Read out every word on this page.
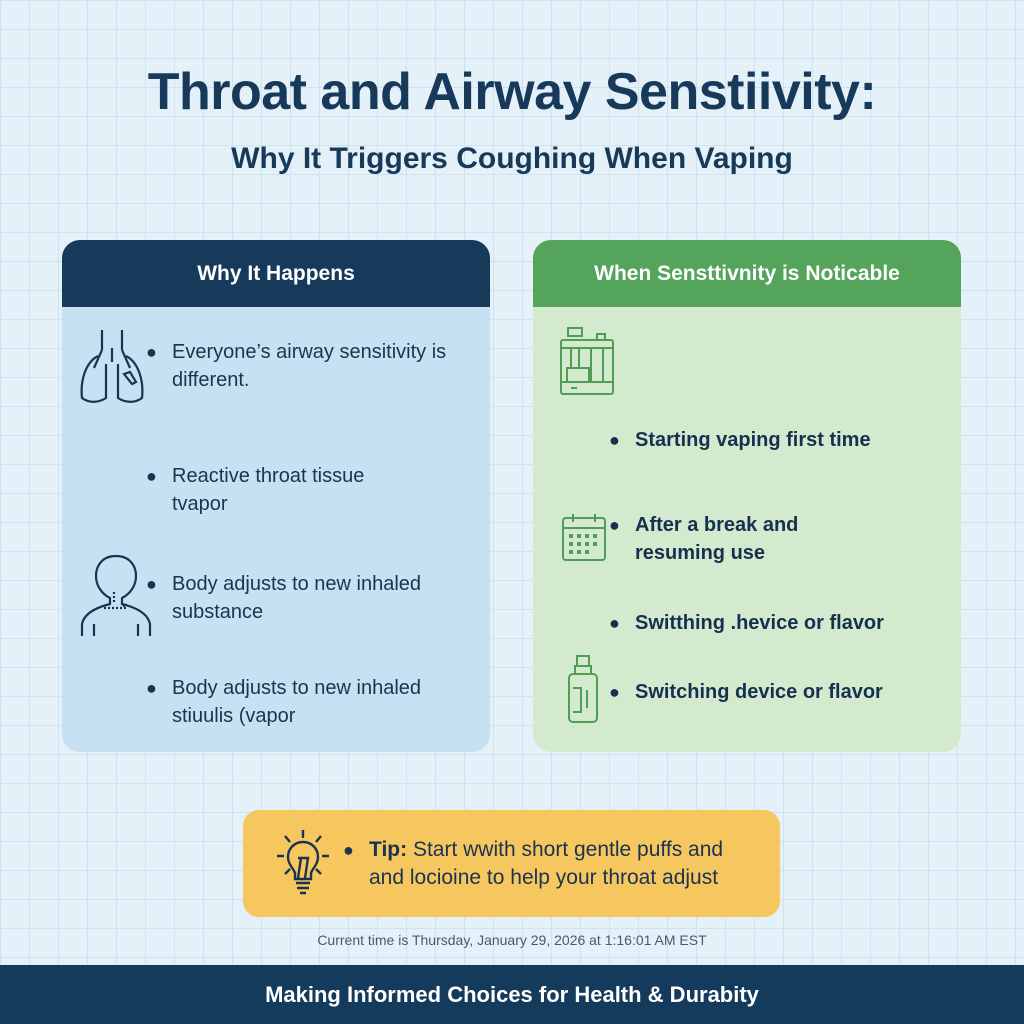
Throat and Airway Senstiivity:
Why It Triggers Coughing When Vaping
Why It Happens
● Everyone’s airway sensitivity is different.
● Reactive throat tissue tvapor
● Body adjusts to new inhaled substance
● Body adjusts to new inhaled stiuulis (vapor
When Sensttivnity is Noticable
● Starting vaping first time
● After a break and resuming use
● Switthing .hevice or flavor
● Switching device or flavor
● Tip: Start wwith short gentle puffs and and locioine to help your throat adjust
Current time is Thursday, January 29, 2026 at 1:16:01 AM EST
Making Informed Choices for Health & Durabity
